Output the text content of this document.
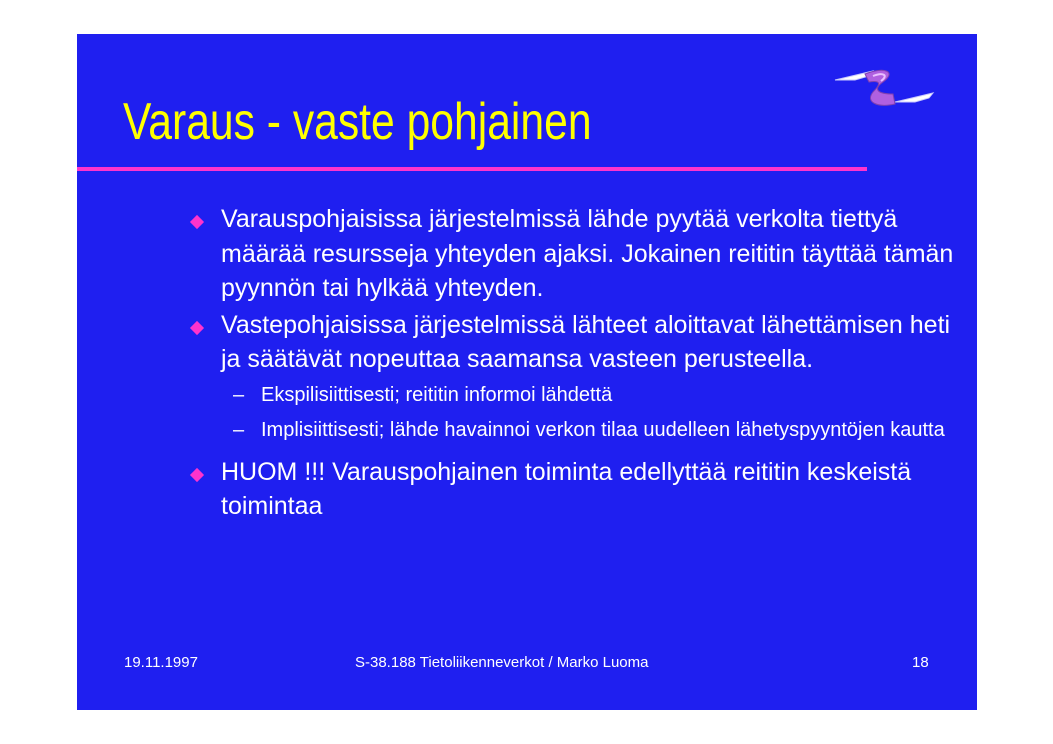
Varaus - vaste pohjainen
Varauspohjaisissa järjestelmissä lähde pyytää verkolta tiettyä määrää resursseja yhteyden ajaksi. Jokainen reititin täyttää tämän pyynnön tai hylkää yhteyden.
Vastepohjaisissa järjestelmissä lähteet aloittavat lähettämisen heti ja säätävät nopeuttaa saamansa vasteen perusteella.
– Ekspilisiittisesti; reititin informoi lähdettä
– Implisiittisesti; lähde havainnoi verkon tilaa uudelleen lähetyspyyntöjen kautta
HUOM !!! Varauspohjainen toiminta edellyttää reititin keskeistä toimintaa
19.11.1997	S-38.188 Tietoliikenneverkot / Marko Luoma	18
